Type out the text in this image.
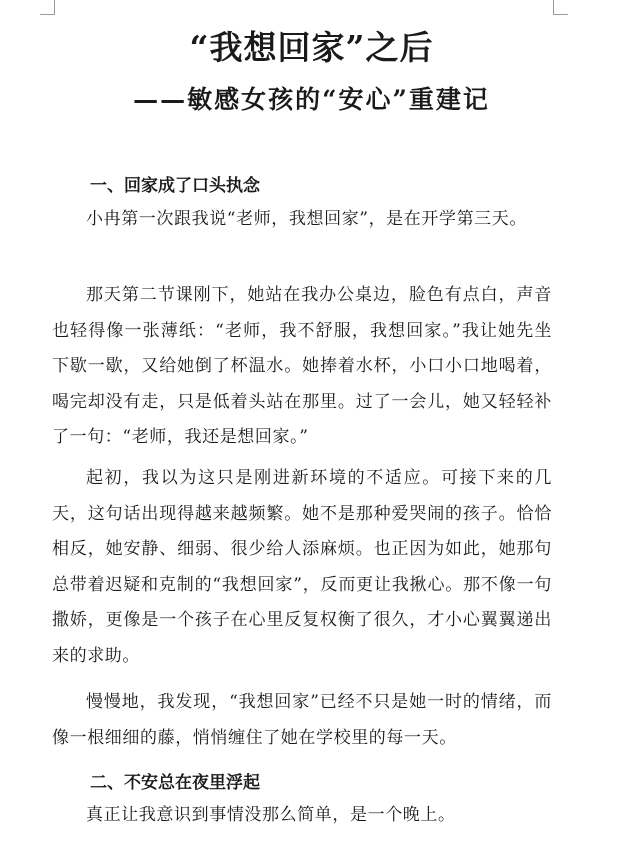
“我想回家”之后
——敏感女孩的“安心”重建记
一、回家成了口头执念

小冉第一次跟我说“老师，我想回家”，是在开学第三天。

那天第二节课刚下，她站在我办公桌边，脸色有点白，声音也轻得像一张薄纸：“老师，我不舒服，我想回家。”我让她先坐下歇一歇，又给她倒了杯温水。她捧着水杯，小口小口地喝着，喝完却没有走，只是低着头站在那里。过了一会儿，她又轻轻补了一句：“老师，我还是想回家。”

起初，我以为这只是刚进新环境的不适应。可接下来的几天，这句话出现得越来越频繁。她不是那种爱哭闹的孩子。恰恰相反，她安静、细弱、很少给人添麻烦。也正因为如此，她那句总带着迟疑和克制的“我想回家”，反而更让我揪心。那不像一句撒娇，更像是一个孩子在心里反复权衡了很久，才小心翼翼递出来的求助。

慢慢地，我发现，“我想回家”已经不只是她一时的情绪，而像一根细细的藤，悄悄缠住了她在学校里的每一天。

二、不安总在夜里浮起

真正让我意识到事情没那么简单，是一个晚上。
